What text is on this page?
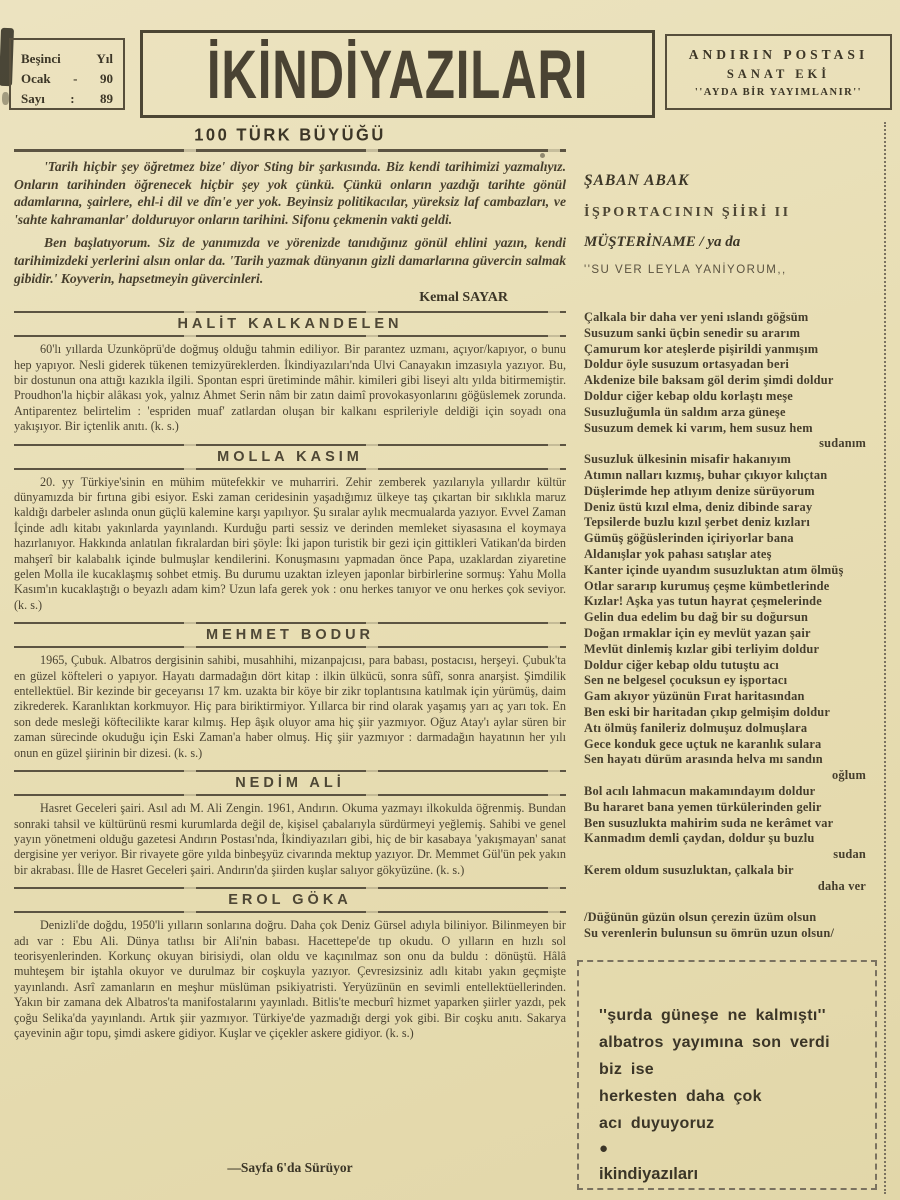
Beşinci	Yıl
Ocak - 90
Sayı : 89 İKİNDİYAZILARI	ANDIRIN POSTASI
SANAT EKİ
''AYDA BİR YAYIMLANIR''
100 TÜRK BÜYÜĞÜ

'Tarih hiçbir şey öğretmez bize' diyor Sting bir şarkısında. Biz kendi tarihimizi yazmalıyız. Onların tarihinden öğrenecek hiçbir şey yok çünkü. Çünkü onların yazdığı tarihte gönül adamlarına, şairlere, ehl-i dil ve dîn'e yer yok. Beyinsiz politikacılar, yüreksiz laf cambazları, ve 'sahte kahramanlar' dolduruyor onların tarihini. Sifonu çekmenin vakti geldi.

Ben başlatıyorum. Siz de yanımızda ve yörenizde tanıdığınız gönül ehlini yazın, kendi tarihimizdeki yerlerini alsın onlar da. 'Tarih yazmak dünyanın gizli damarlarına güvercin salmak gibidir.' Koyverin, hapsetmeyin güvercinleri.

Kemal SAYAR
HALİT KALKANDELEN

60'lı yıllarda Uzunköprü'de doğmuş olduğu tahmin ediliyor. Bir parantez uzmanı, açıyor/kapıyor, o bunu hep yapıyor. Nesli giderek tükenen temizyüreklerden. İkindiyazıları'nda Ulvi Canayakın imzasıyla yazıyor. Bu, bir dostunun ona attığı kazıkla ilgili. Spontan espri üretiminde mâhir. kimileri gibi liseyi altı yılda bitirmemiştir. Proudhon'la hiçbir alâkası yok, yalnız Ahmet Serin nâm bir zatın daimî provokasyonlarını göğüslemek zorunda. Antiparentez belirtelim : 'espriden muaf' zatlardan oluşan bir kalkanı esprileriyle deldiği için soyadı ona yakışıyor. Bir içtenlik anıtı. (k. s.)

MOLLA KASIM

20. yy Türkiye'sinin en mühim mütefekkir ve muharriri. Zehir zemberek yazılarıyla yıllardır kültür dünyamızda bir fırtına gibi esiyor. Eski zaman ceridesinin yaşadığımız ülkeye taş çıkartan bir sıklıkla maruz kaldığı darbeler aslında onun güçlü kalemine karşı yapılıyor. Şu sıralar aylık mecmualarda yazıyor. Evvel Zaman İçinde adlı kitabı yakınlarda yayınlandı. Kurduğu parti sessiz ve derinden memleket siyasasına el koymaya hazırlanıyor. Hakkında anlatılan fıkralardan biri şöyle: İki japon turistik bir gezi için gittikleri Vatikan'da birden mahşerî bir kalabalık içinde bulmuşlar kendilerini. Konuşmasını yapmadan önce Papa, uzaklardan ziyaretine gelen Molla ile kucaklaşmış sohbet etmiş. Bu durumu uzaktan izleyen japonlar birbirlerine sormuş: Yahu Molla Kasım'ın kucaklaştığı o beyazlı adam kim? Uzun lafa gerek yok : onu herkes tanıyor ve onu herkes çok seviyor. (k. s.)

MEHMET BODUR

1965, Çubuk. Albatros dergisinin sahibi, musahhihi, mizanpajcısı, para babası, postacısı, herşeyi. Çubuk'ta en güzel köfteleri o yapıyor. Hayatı darmadağın dört kitap : ilkin ülkücü, sonra sûfî, sonra anarşist. Şimdilik entellektüel. Bir kezinde bir geceyarısı 17 km. uzakta bir köye bir zikr toplantısına katılmak için yürümüş, daim zikrederek. Karanlıktan korkmuyor. Hiç para biriktirmiyor. Yıllarca bir rind olarak yaşamış yarı aç yarı tok. En son dede mesleği köftecilikte karar kılmış. Hep âşık oluyor ama hiç şiir yazmıyor. Oğuz Atay'ı aylar süren bir zaman sürecinde okuduğu için Eski Zaman'a haber olmuş. Hiç şiir yazmıyor : darmadağın hayatının her yılı onun en güzel şiirinin bir dizesi. (k. s.)

NEDİM ALİ

Hasret Geceleri şairi. Asıl adı M. Ali Zengin. 1961, Andırın. Okuma yazmayı ilkokulda öğrenmiş. Bundan sonraki tahsil ve kültürünü resmi kurumlarda değil de, kişisel çabalarıyla sürdürmeyi yeğlemiş. Sahibi ve genel yayın yönetmeni olduğu gazetesi Andırın Postası'nda, İkindiyazıları gibi, hiç de bir kasabaya 'yakışmayan' sanat dergisine yer veriyor. Bir rivayete göre yılda binbeşyüz civarında mektup yazıyor. Dr. Memmet Gül'ün pek yakın bir akrabası. İlle de Hasret Geceleri şairi. Andırın'da şiirden kuşlar salıyor gökyüzüne. (k. s.)

EROL GÖKA

Denizli'de doğdu, 1950'li yılların sonlarına doğru. Daha çok Deniz Gürsel adıyla biliniyor. Bilinmeyen bir adı var : Ebu Ali. Dünya tatlısı bir Ali'nin babası. Hacettepe'de tıp okudu. O yılların en hızlı sol teorisyenlerinden. Korkunç okuyan birisiydi, olan oldu ve kaçınılmaz son onu da buldu : dönüştü. Hâlâ muhteşem bir iştahla okuyor ve durulmaz bir coşkuyla yazıyor. Çevresizsiniz adlı kitabı yakın geçmişte yayınlandı. Asrî zamanların en meşhur müslüman psikiyatristi. Yeryüzünün en sevimli entellektüellerinden. Yakın bir zamana dek Albatros'ta manifostalarını yayınladı. Bitlis'te mecburî hizmet yaparken şiirler yazdı, pek çoğu Selika'da yayınlandı. Artık şiir yazmıyor. Türkiye'de yazmadığı dergi yok gibi. Bir coşku anıtı. Sakarya çayevinin ağır topu, şimdi askere gidiyor. Kuşlar ve çiçekler askere gidiyor. (k. s.)

—Sayfa 6'da Sürüyor
ŞABAN ABAK
İŞPORTACININ ŞİİRİ II
MÜŞTERİNAME / ya da
''SU VER LEYLA YANİYORUM,,
Çalkala bir daha ver yeni ıslandı göğsüm
Susuzum sanki üçbin senedir su ararım
Çamurum kor ateşlerde pişirildi yanmışım
Doldur öyle susuzum ortasyadan beri
Akdenize bile baksam göl derim şimdi doldur
Doldur ciğer kebap oldu korlaştı meşe
Susuzluğumla ün saldım arza güneşe
Susuzum demek ki varım, hem susuz hem
sudanım
Susuzluk ülkesinin misafir hakanıyım
Atımın nalları kızmış, buhar çıkıyor kılıçtan
Düşlerimde hep atlıyım denize sürüyorum
Deniz üstü kızıl elma, deniz dibinde saray
Tepsilerde buzlu kızıl şerbet deniz kızları
Gümüş göğüslerinden içiriyorlar bana
Aldanışlar yok pahası satışlar ateş
Kanter içinde uyandım susuzluktan atım ölmüş
Otlar sararıp kurumuş çeşme kümbetlerinde
Kızlar! Aşka yas tutun hayrat çeşmelerinde
Gelin dua edelim bu dağ bir su doğursun
Doğan ırmaklar için ey mevlüt yazan şair
Mevlüt dinlemiş kızlar gibi terliyim doldur
Doldur ciğer kebap oldu tutuştu acı
Sen ne belgesel çocuksun ey işportacı
Gam akıyor yüzünün Fırat haritasından
Ben eski bir haritadan çıkıp gelmişim doldur
Atı ölmüş fanileriz dolmuşuz dolmuşlara
Gece konduk gece uçtuk ne karanlık sulara
Sen hayatı dürüm arasında helva mı sandın
oğlum
Bol acılı lahmacun makamındayım doldur
Bu hararet bana yemen türkülerinden gelir
Ben susuzlukta mahirim suda ne kerâmet var
Kanmadım demli çaydan, doldur şu buzlu
sudan
Kerem oldum susuzluktan, çalkala bir
daha ver
/Düğünün güzün olsun çerezin üzüm olsun
Su verenlerin bulunsun su ömrün uzun olsun/
''şurda güneşe ne kalmıştı''
albatros yayımına son verdi
biz ise
herkesten daha çok
acı duyuyoruz
●
ikindiyazıları
